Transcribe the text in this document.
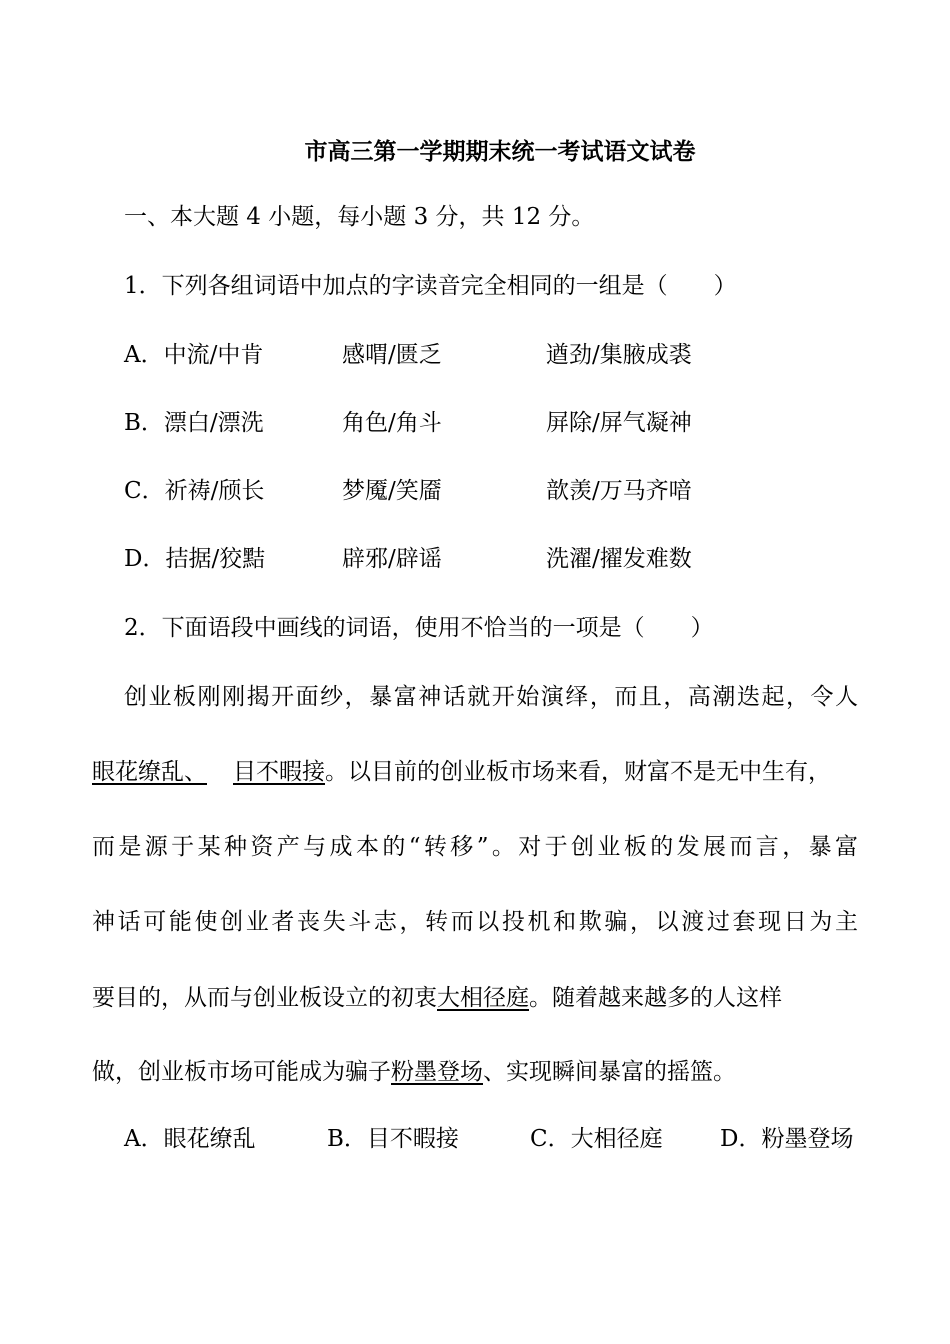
市高三第一学期期末统一考试语文试卷

一、本大题 4 小题，每小题 3 分，共 12 分。

1．下列各组词语中加点的字读音完全相同的一组是（　　）

A．中流/中肯	感喟/匮乏	遒劲/集腋成裘
B．漂白/漂洗	角色/角斗	屏除/屏气凝神
C．祈祷/颀长	梦魇/笑靥	歆羡/万马齐喑
D．拮据/狡黠	辟邪/辟谣	洗濯/擢发难数

2．下面语段中画线的词语，使用不恰当的一项是（　　）

创业板刚刚揭开面纱，暴富神话就开始演绎，而且，高潮迭起，令人

眼花缭乱、 目不暇接。以目前的创业板市场来看，财富不是无中生有，

而是源于某种资产与成本的“转移”。对于创业板的发展而言，暴富

神话可能使创业者丧失斗志，转而以投机和欺骗，以渡过套现日为主

要目的，从而与创业板设立的初衷大相径庭。随着越来越多的人这样

做，创业板市场可能成为骗子粉墨登场、实现瞬间暴富的摇篮。

A．眼花缭乱	B．目不暇接	C．大相径庭 D．粉墨登场
